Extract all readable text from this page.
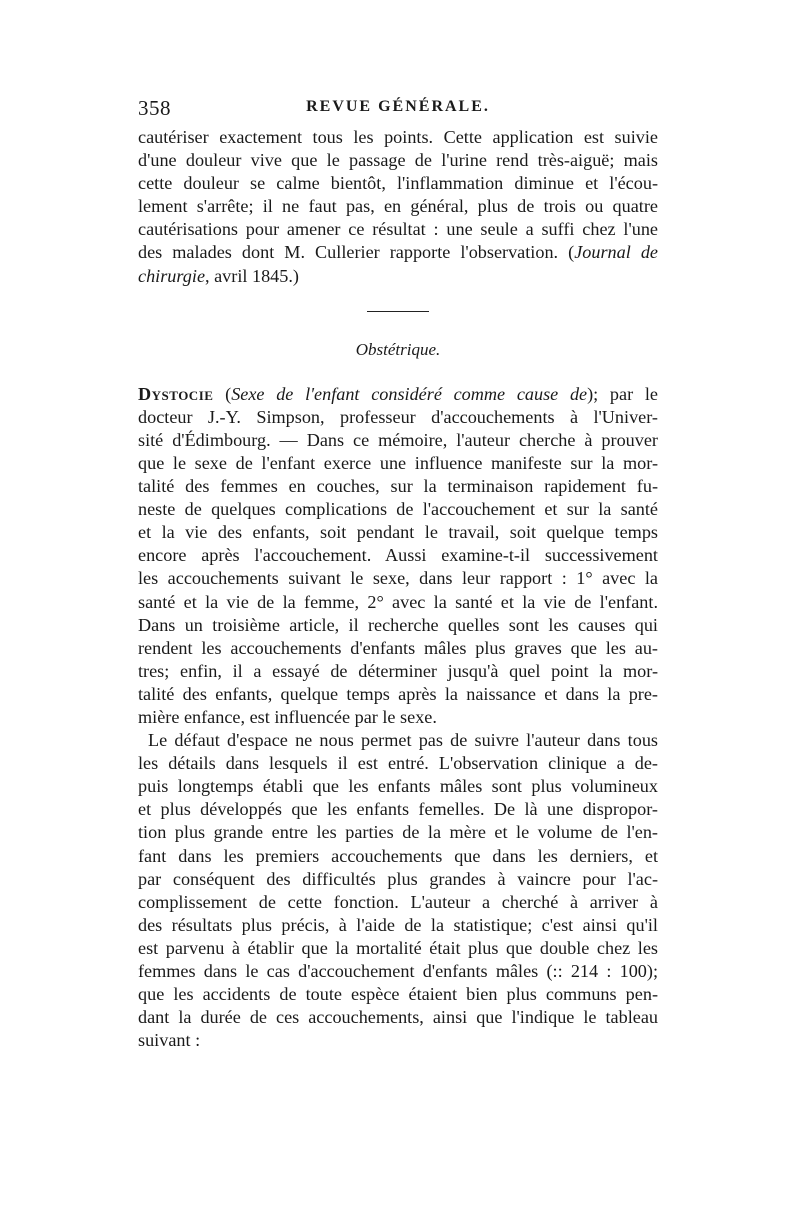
358	REVUE GÉNÉRALE.
cautériser exactement tous les points. Cette application est suivie
d'une douleur vive que le passage de l'urine rend très-aiguë; mais
cette douleur se calme bientôt, l'inflammation diminue et l'écou-
lement s'arrête; il ne faut pas, en général, plus de trois ou quatre
cautérisations pour amener ce résultat : une seule a suffi chez l'une
des malades dont M. Cullerier rapporte l'observation. (Journal de
chirurgie, avril 1845.)
Obstétrique.
Dystocie (Sexe de l'enfant considéré comme cause de); par le
docteur J.-Y. Simpson, professeur d'accouchements à l'Univer-
sité d'Édimbourg. — Dans ce mémoire, l'auteur cherche à prouver
que le sexe de l'enfant exerce une influence manifeste sur la mor-
talité des femmes en couches, sur la terminaison rapidement fu-
neste de quelques complications de l'accouchement et sur la santé
et la vie des enfants, soit pendant le travail, soit quelque temps
encore après l'accouchement. Aussi examine-t-il successivement
les accouchements suivant le sexe, dans leur rapport : 1° avec la
santé et la vie de la femme, 2° avec la santé et la vie de l'enfant.
Dans un troisième article, il recherche quelles sont les causes qui
rendent les accouchements d'enfants mâles plus graves que les au-
tres; enfin, il a essayé de déterminer jusqu'à quel point la mor-
talité des enfants, quelque temps après la naissance et dans la pre-
mière enfance, est influencée par le sexe.
Le défaut d'espace ne nous permet pas de suivre l'auteur dans tous
les détails dans lesquels il est entré. L'observation clinique a de-
puis longtemps établi que les enfants mâles sont plus volumineux
et plus développés que les enfants femelles. De là une dispropor-
tion plus grande entre les parties de la mère et le volume de l'en-
fant dans les premiers accouchements que dans les derniers, et
par conséquent des difficultés plus grandes à vaincre pour l'ac-
complissement de cette fonction. L'auteur a cherché à arriver à
des résultats plus précis, à l'aide de la statistique; c'est ainsi qu'il
est parvenu à établir que la mortalité était plus que double chez les
femmes dans le cas d'accouchement d'enfants mâles (:: 214 : 100);
que les accidents de toute espèce étaient bien plus communs pen-
dant la durée de ces accouchements, ainsi que l'indique le tableau
suivant :
